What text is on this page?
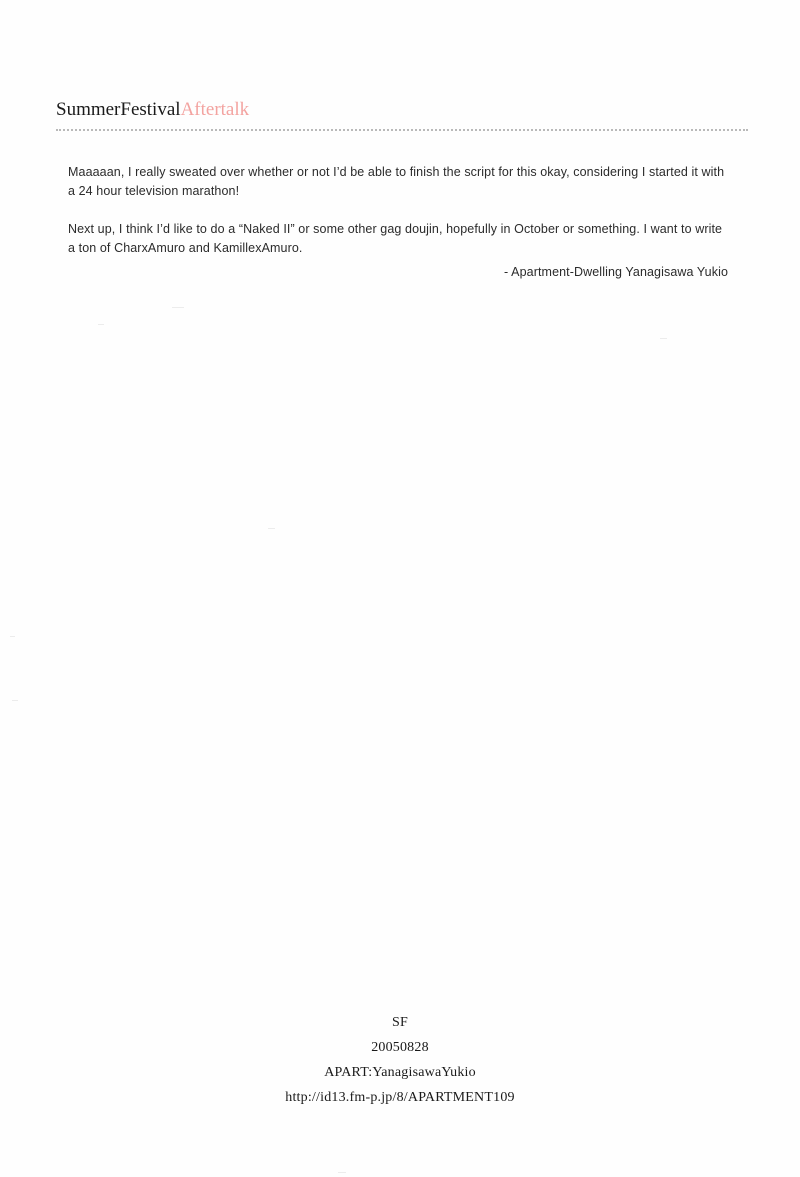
SummerFestivalAftertalk

Maaaaan, I really sweated over whether or not I’d be able to finish the script for this okay, considering I started it with a 24 hour television marathon!

Next up, I think I’d like to do a “Naked II” or some other gag doujin, hopefully in October or something. I want to write a ton of CharxAmuro and KamillexAmuro.

- Apartment-Dwelling Yanagisawa Yukio
SF
20050828
APART:YanagisawaYukio
http://id13.fm-p.jp/8/APARTMENT109
